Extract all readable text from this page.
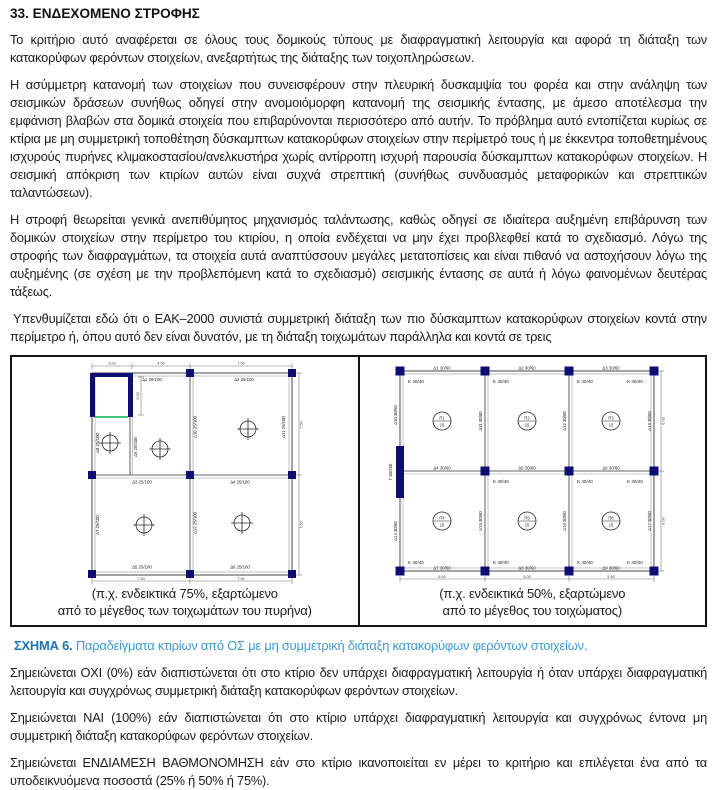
33. ΕΝΔΕΧΟΜΕΝΟ ΣΤΡΟΦΗΣ

Το κριτήριο αυτό αναφέρεται σε όλους τους δομικούς τύπους με διαφραγματική λειτουργία και αφορά τη διάταξη των κατακορύφων φερόντων στοιχείων, ανεξαρτήτως της διάταξης των τοιχοπληρώσεων.

Η ασύμμετρη κατανομή των στοιχείων που συνεισφέρουν στην πλευρική δυσκαμψία του φορέα και στην ανάληψη των σεισμικών δράσεων συνήθως οδηγεί στην ανομοιόμορφη κατανομή της σεισμικής έντασης, με άμεσο αποτέλεσμα την εμφάνιση βλαβών στα δομικά στοιχεία που επιβαρύνονται περισσότερο από αυτήν. Το πρόβλημα αυτό εντοπίζεται κυρίως σε κτίρια με μη συμμετρική τοποθέτηση δύσκαμπτων κατακορύφων στοιχείων στην περίμετρό τους ή με έκκεντρα τοποθετημένους ισχυρούς πυρήνες κλιμακοστασίου/ανελκυστήρα χωρίς αντίρροπη ισχυρή παρουσία δύσκαμπτων κατακορύφων στοιχείων. Η σεισμική απόκριση των κτιρίων αυτών είναι συχνά στρεπτική (συνήθως συνδυασμός μεταφορικών και στρεπτικών ταλαντώσεων).

Η στροφή θεωρείται γενικά ανεπιθύμητος μηχανισμός ταλάντωσης, καθώς οδηγεί σε ιδιαίτερα αυξημένη επιβάρυνση των δομικών στοιχείων στην περίμετρο του κτιρίου, η οποία ενδέχεται να μην έχει προβλεφθεί κατά το σχεδιασμό. Λόγω της στροφής των διαφραγμάτων, τα στοιχεία αυτά αναπτύσσουν μεγάλες μετατοπίσεις και είναι πιθανό να αστοχήσουν λόγω της αυξημένης (σε σχέση με την προβλεπόμενη κατά το σχεδιασμό) σεισμικής έντασης σε αυτά ή λόγω φαινομένων δευτέρας τάξεως.

Υπενθυμίζεται εδώ ότι ο ΕΑΚ–2000 συνιστά συμμετρική διάταξη των πιο δύσκαμπτων κατακορύφων στοιχείων κοντά στην περίμετρο ή, όπου αυτό δεν είναι δυνατόν, με τη διάταξη τοιχωμάτων παράλληλα και κοντά σε τρεις

3.00	4.50	7.50
3.00
Δ1 25/100	Δ2 25/100
Δ3 25/100	Δ4 25/100
Δ5 25/100	Δ6 25/100
Δ7 25/100
Δ8 25/100	Δ9 25/100
Δ10 25/100	Δ11 25/100
Δ12 25/100
7.50
7.50
7.50	7.50
(π.χ. ενδεικτικά 75%, εξαρτώμενο
από το μέγεθος των τοιχωμάτων του πυρήνα)
T 30/250
K 40/40	K 40/40	K 40/40	K 40/40
K 40/40	K 40/40	K 40/40
K 40/40	K 40/40	K 40/40	K 40/40
Π1
15
Π2
15
Π3
15
Π4
15
Π5
15
Π6
15
Δ1 30/60	Δ2 30/60	Δ3 30/60
Δ4 30/60	Δ5 30/60	Δ6 30/60
Δ7 30/60	Δ8 30/60	Δ9 30/60
Δ10 30/60	Δ11 30/60	Δ12 30/60	Δ13 30/60
Δ14 30/60
Δ15 30/60	Δ16 30/60	Δ17 30/60
6.00
6.00
5.50	5.00	5.50
(π.χ. ενδεικτικά 50%, εξαρτώμενο
από το μέγεθος του τοιχώματος)
ΣΧΗΜΑ 6. Παραδείγματα κτιρίων από ΟΣ με μη συμμετρική διάταξη κατακορύφων φερόντων στοιχείων.

Σημειώνεται ΟΧΙ (0%) εάν διαπιστώνεται ότι στο κτίριο δεν υπάρχει διαφραγματική λειτουργία ή όταν υπάρχει διαφραγματική λειτουργία και συγχρόνως συμμετρική διάταξη κατακορύφων φερόντων στοιχείων.

Σημειώνεται ΝΑΙ (100%) εάν διαπιστώνεται ότι στο κτίριο υπάρχει διαφραγματική λειτουργία και συγχρόνως έντονα μη συμμετρική διάταξη κατακορύφων φερόντων στοιχείων.

Σημειώνεται ΕΝΔΙΑΜΕΣΗ ΒΑΘΜΟΝΟΜΗΣΗ εάν στο κτίριο ικανοποιείται εν μέρει το κριτήριο και επιλέγεται ένα από τα υποδεικνυόμενα ποσοστά (25% ή 50% ή 75%).
